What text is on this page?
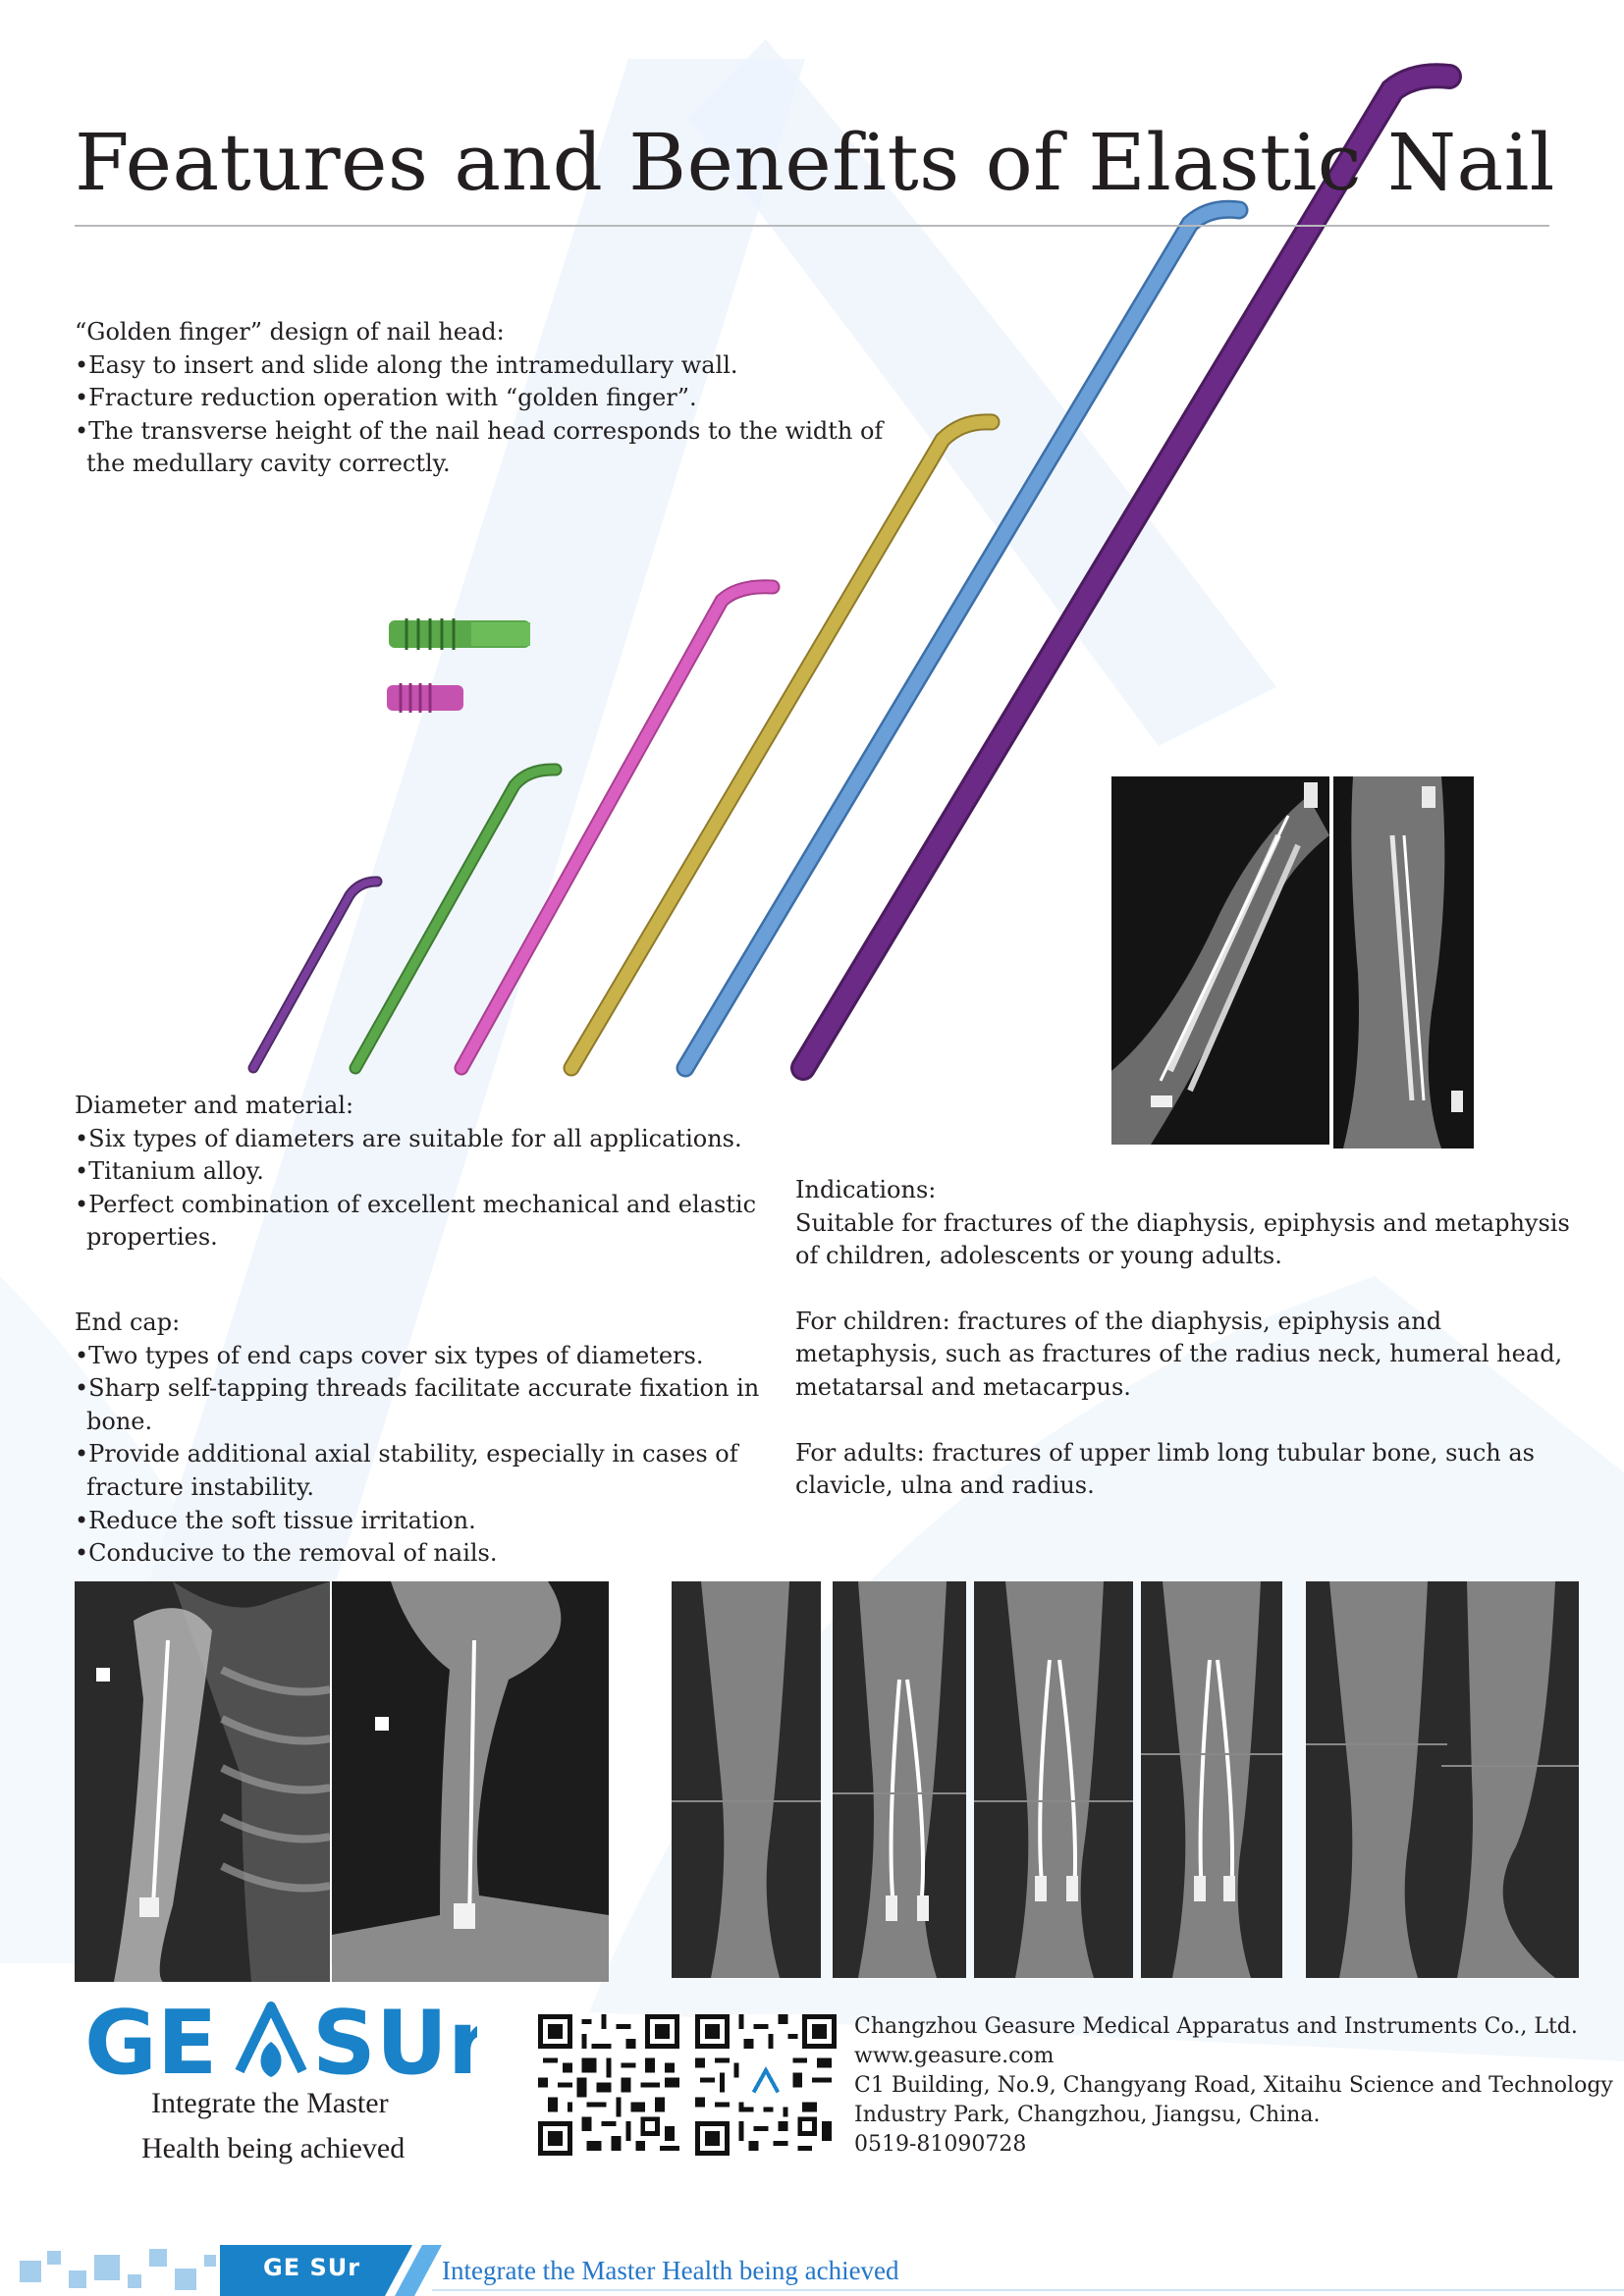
Features and Benefits of Elastic Nail

“Golden finger” design of nail head:

• Easy to insert and slide along the intramedullary wall.

• Fracture reduction operation with “golden finger”.

• The transverse height of the nail head corresponds to the width of the medullary cavity correctly.

Diameter and material:

• Six types of diameters are suitable for all applications.

• Titanium alloy.

• Perfect combination of excellent mechanical and elastic properties.

End cap:

• Two types of end caps cover six types of diameters.

• Sharp self-tapping threads facilitate accurate fixation in bone.

• Provide additional axial stability, especially in cases of fracture instability.

• Reduce the soft tissue irritation.

• Conducive to the removal of nails.

Indications:

Suitable for fractures of the diaphysis, epiphysis and metaphysis of children, adolescents or young adults.

For children: fractures of the diaphysis, epiphysis and metaphysis, such as fractures of the radius neck, humeral head, metatarsal and metacarpus.

For adults: fractures of upper limb long tubular bone, such as clavicle, ulna and radius.

GE SUr
Integrate the Master
Health being achieved

Changzhou Geasure Medical Apparatus and Instruments Co., Ltd.

www.geasure.com

C1 Building, No.9, Changyang Road, Xitaihu Science and Technology

Industry Park, Changzhou, Jiangsu, China.

0519-81090728

GE SUr	Integrate the Master Health being achieved
